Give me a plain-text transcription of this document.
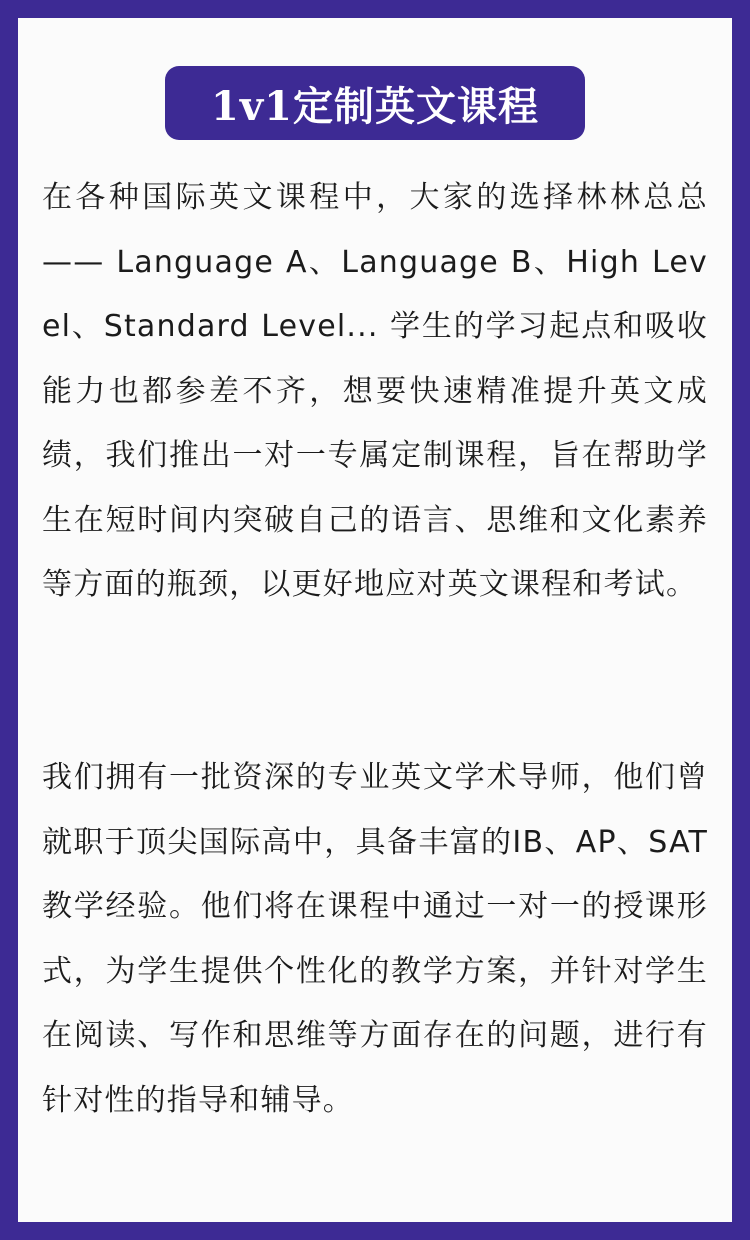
1v1定制英文课程

在各种国际英文课程中，大家的选择林林总总 —— Language A、Language B、High Level、Standard Level... 学生的学习起点和吸收能力也都参差不齐，想要快速精准提升英文成绩，我们推出一对一专属定制课程，旨在帮助学生在短时间内突破自己的语言、思维和文化素养等方面的瓶颈，以更好地应对英文课程和考试。

我们拥有一批资深的专业英文学术导师，他们曾就职于顶尖国际高中，具备丰富的IB、AP、SAT教学经验。他们将在课程中通过一对一的授课形式，为学生提供个性化的教学方案，并针对学生在阅读、写作和思维等方面存在的问题，进行有针对性的指导和辅导。
